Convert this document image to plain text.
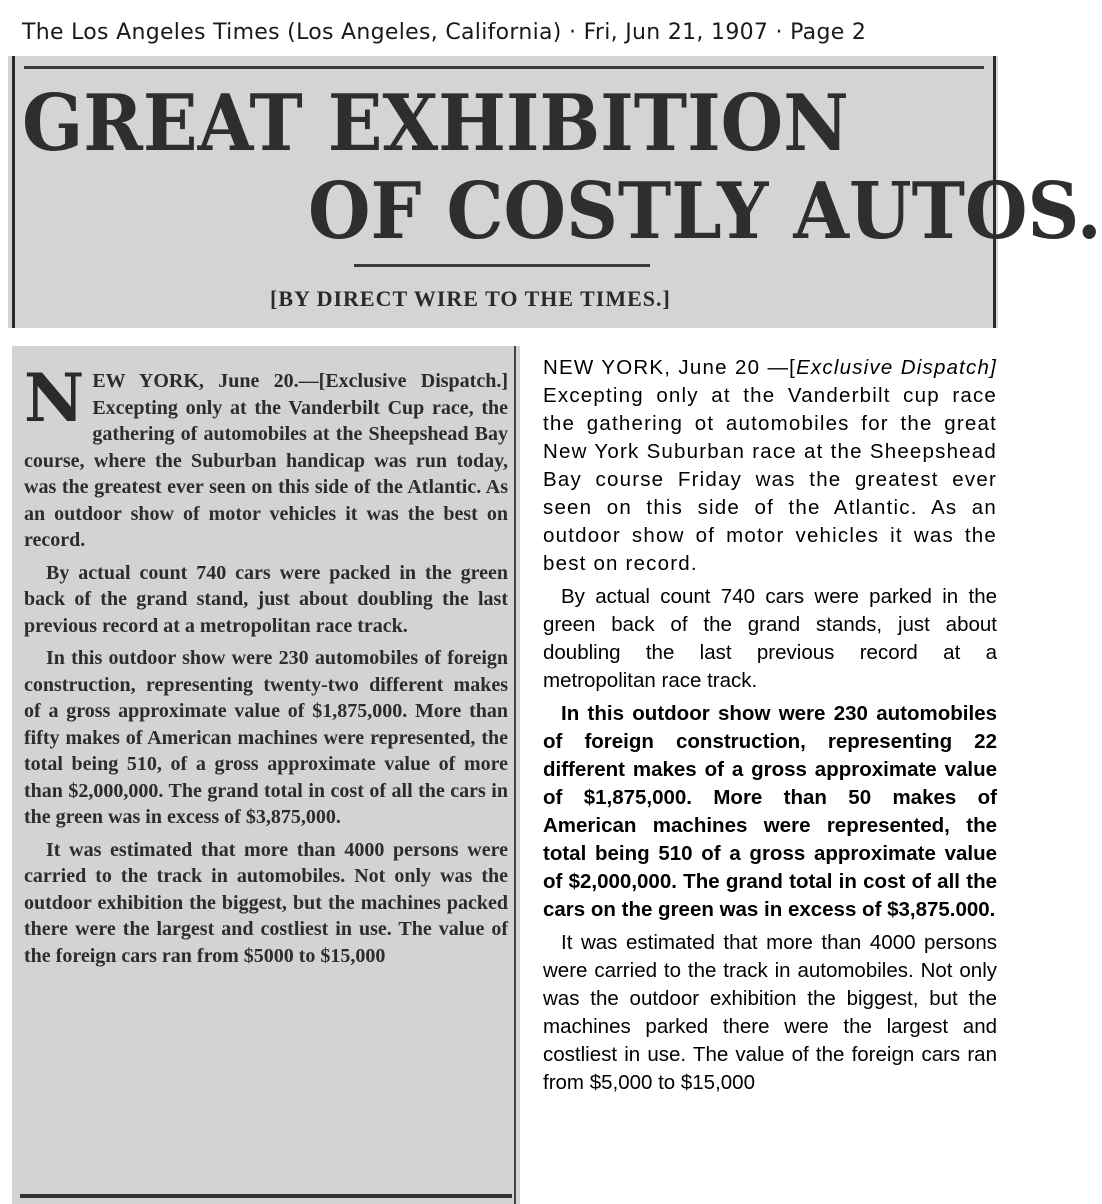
The Los Angeles Times (Los Angeles, California) · Fri, Jun 21, 1907 · Page 2
GREAT EXHIBITION
OF COSTLY AUTOS.
[BY DIRECT WIRE TO THE TIMES.]

NEW YORK, June 20.—[Exclusive Dispatch.] Excepting only at the Vanderbilt Cup race, the gathering of automobiles at the Sheepshead Bay course, where the Suburban handicap was run today, was the greatest ever seen on this side of the Atlantic. As an outdoor show of motor vehicles it was the best on record.

By actual count 740 cars were packed in the green back of the grand stand, just about doubling the last previous record at a metropolitan race track.

In this outdoor show were 230 automobiles of foreign construction, representing twenty-two different makes of a gross approximate value of $1,875,000. More than fifty makes of American machines were represented, the total being 510, of a gross approximate value of more than $2,000,000. The grand total in cost of all the cars in the green was in excess of $3,875,000.

It was estimated that more than 4000 persons were carried to the track in automobiles. Not only was the outdoor exhibition the biggest, but the machines packed there were the largest and costliest in use. The value of the foreign cars ran from $5000 to $15,000

NEW YORK, June 20 —[Exclusive Dispatch] Excepting only at the Vanderbilt cup race the gathering ot automobiles for the great New York Suburban race at the Sheepshead Bay course Friday was the greatest ever seen on this side of the Atlantic. As an outdoor show of motor vehicles it was the best on record.

By actual count 740 cars were parked in the green back of the grand stands, just about doubling the last previous record at a metropolitan race track.

In this outdoor show were 230 automobiles of foreign construction, representing 22 different makes of a gross approximate value of $1,875,000. More than 50 makes of American machines were represented, the total being 510 of a gross approximate value of $2,000,000. The grand total in cost of all the cars on the green was in excess of $3,875.000.

It was estimated that more than 4000 persons were carried to the track in automobiles. Not only was the outdoor exhibition the biggest, but the machines parked there were the largest and costliest in use. The value of the foreign cars ran from $5,000 to $15,000
